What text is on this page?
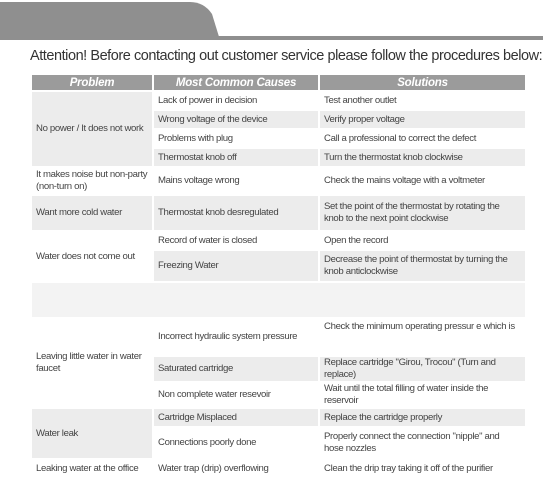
Attention! Before contacting out customer service please follow the procedures below:
Problem	Most Common Causes	Solutions
No power / It does not work	Lack of power in decision	Test another outlet
	Wrong voltage of the device	Verify proper voltage
	Problems with plug	Call a professional to correct the defect
	Thermostat knob off	Turn the thermostat knob clockwise
It makes noise but non-party (non-turn on)	Mains voltage wrong	Check the mains voltage with a voltmeter
Want more cold water	Thermostat knob desregulated	Set the point of the thermostat by rotating the knob to the next point clockwise
Water does not come out	Record of water is closed	Open the record
	Freezing Water	Decrease the point of thermostat by turning the knob anticlockwise

Leaving little water in water faucet	Incorrect hydraulic system pressure	Check the minimum operating pressur e which is
	Saturated cartridge	Replace cartridge "Girou, Trocou" (Turn and replace)
	Non complete water resevoir	Wait until the total filling of water inside the reservoir
Water leak	Cartridge Misplaced	Replace the cartridge properly
	Connections poorly done	Properly connect the connection "nipple" and hose nozzles
Leaking water at the office	Water trap (drip) overflowing	Clean the drip tray taking it off of the purifier
